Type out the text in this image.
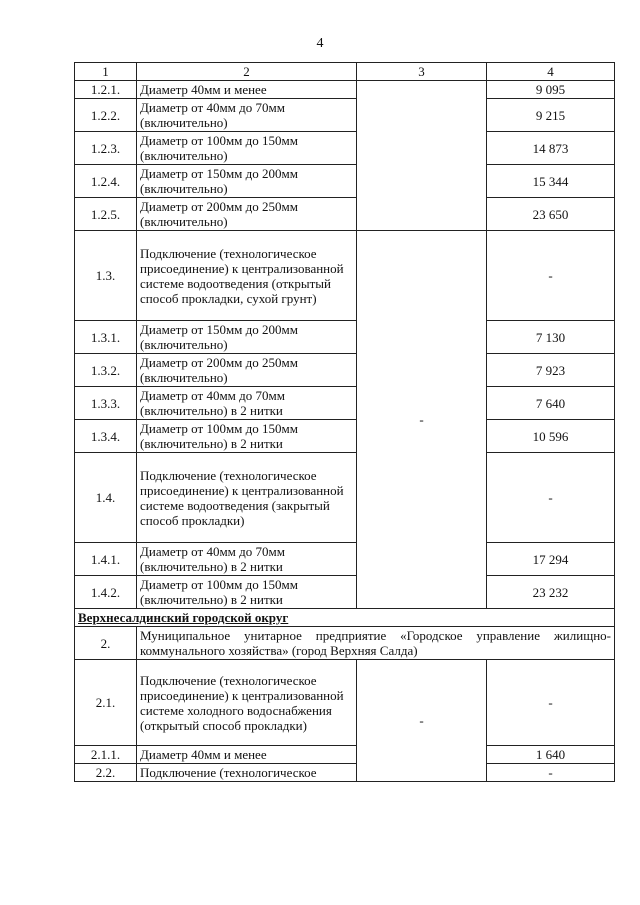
4
1	2	3	4
1.2.1.	Диаметр 40мм и менее		9 095
1.2.2.	Диаметр от 40мм до 70мм (включительно)		9 215
1.2.3.	Диаметр от 100мм до 150мм (включительно)		14 873
1.2.4.	Диаметр от 150мм до 200мм (включительно)		15 344
1.2.5.	Диаметр от 200мм до 250мм (включительно)		23 650
1.3.	Подключение (технологическое присоединение) к централизованной системе водоотведения (открытый способ прокладки, сухой грунт)	-	-
1.3.1.	Диаметр от 150мм до 200мм (включительно)		7 130
1.3.2.	Диаметр от 200мм до 250мм (включительно)		7 923
1.3.3.	Диаметр от 40мм до 70мм (включительно) в 2 нитки		7 640
1.3.4.	Диаметр от 100мм до 150мм (включительно) в 2 нитки		10 596
1.4.	Подключение (технологическое присоединение) к централизованной системе водоотведения (закрытый способ прокладки)		-
1.4.1.	Диаметр от 40мм до 70мм (включительно) в 2 нитки		17 294
1.4.2.	Диаметр от 100мм до 150мм (включительно) в 2 нитки		23 232
Верхнесалдинский городской округ			
2.	Муниципальное унитарное предприятие «Городское управление жилищно-коммунального хозяйства» (город Верхняя Салда)		
2.1.	Подключение (технологическое присоединение) к централизованной системе холодного водоснабжения (открытый способ прокладки)	-	-
2.1.1.	Диаметр 40мм и менее		1 640
2.2.	Подключение (технологическое		-
